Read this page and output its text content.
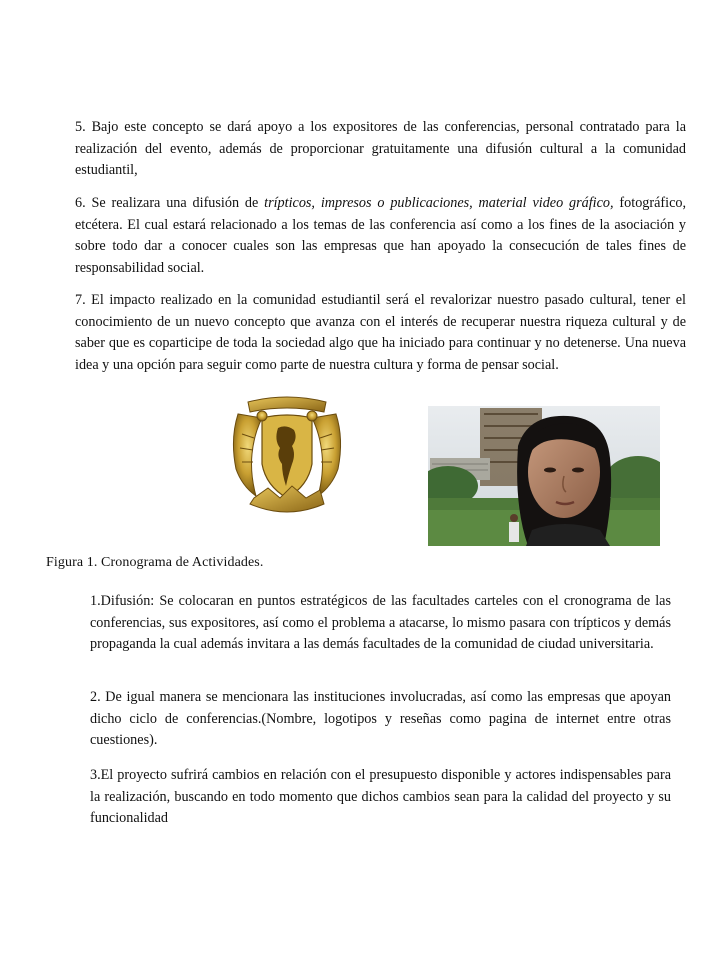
5. Bajo este concepto se dará apoyo a los expositores de las conferencias, personal contratado para la realización del evento, además de proporcionar gratuitamente una difusión cultural a la comunidad estudiantil,

6. Se realizara una difusión de trípticos, impresos o publicaciones, material video gráfico, fotográfico, etcétera. El cual estará relacionado a los temas de las conferencia así como a los fines de la asociación y sobre todo dar a conocer cuales son las empresas que han apoyado la consecución de tales fines de responsabilidad social.

7. El impacto realizado en la comunidad estudiantil será el revalorizar nuestro pasado cultural, tener el conocimiento de un nuevo concepto que avanza con el interés de recuperar nuestra riqueza cultural y de saber que es coparticipe de toda la sociedad algo que ha iniciado para continuar y no detenerse. Una nueva idea y una opción para seguir como parte de nuestra cultura y forma de pensar social.

Figura 1. Cronograma de Actividades.

1.Difusión: Se colocaran en puntos estratégicos de las facultades carteles con el cronograma de las conferencias, sus expositores, así como el problema a atacarse, lo mismo pasara con trípticos y demás propaganda la cual además invitara a las demás facultades de la comunidad de ciudad universitaria.

2. De igual manera se mencionara las instituciones involucradas, así como las empresas que apoyan dicho ciclo de conferencias.(Nombre, logotipos y reseñas como pagina de internet entre otras cuestiones).

3.El proyecto sufrirá cambios en relación con el presupuesto disponible y actores indispensables para la realización, buscando en todo momento que dichos cambios sean para la calidad del proyecto y su funcionalidad
